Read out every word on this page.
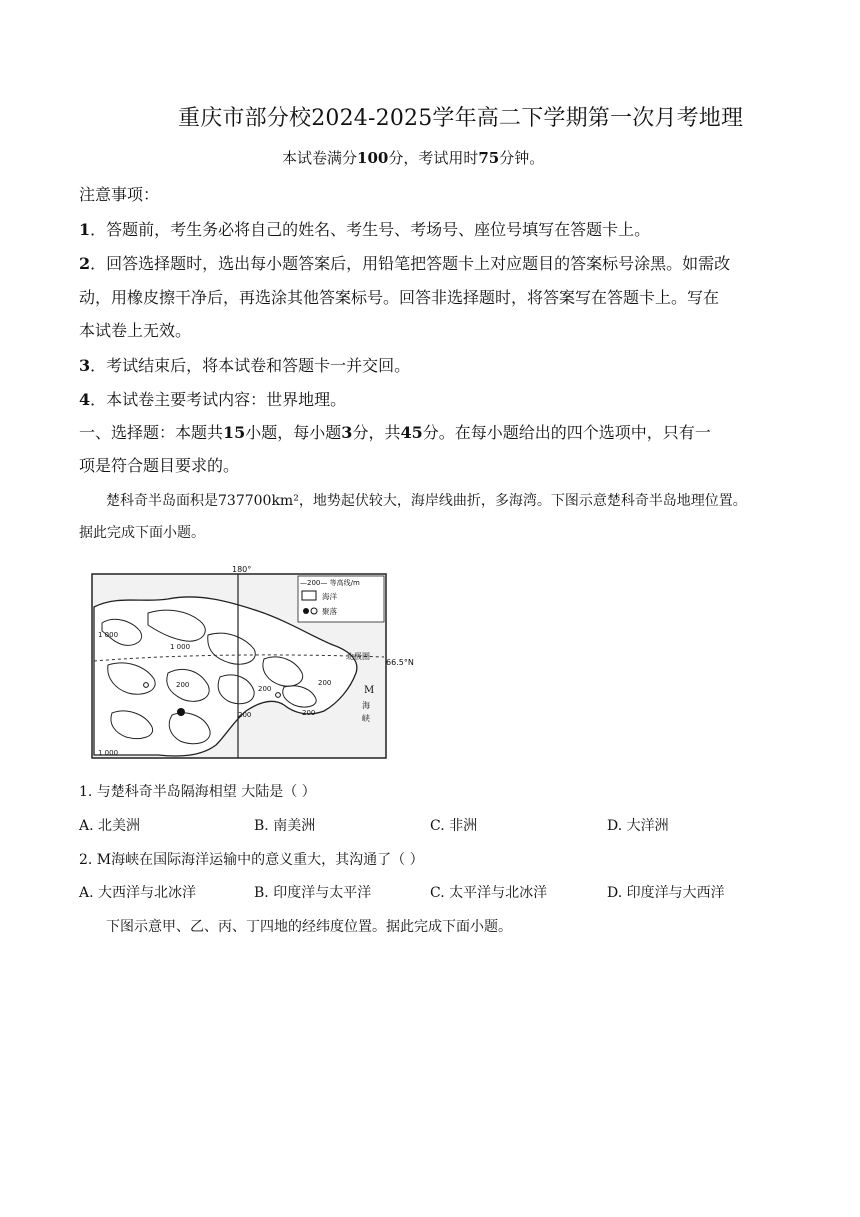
重庆市部分校2024-2025学年高二下学期第一次月考地理
本试卷满分100分，考试用时75分钟。
注意事项：
1．答题前，考生务必将自己的姓名、考生号、考场号、座位号填写在答题卡上。
2．回答选择题时，选出每小题答案后，用铅笔把答题卡上对应题目的答案标号涂黑。如需改
动，用橡皮擦干净后，再选涂其他答案标号。回答非选择题时，将答案写在答题卡上。写在
本试卷上无效。
3．考试结束后，将本试卷和答题卡一并交回。
4．本试卷主要考试内容：世界地理。
一、选择题：本题共15小题，每小题3分，共45分。在每小题给出的四个选项中，只有一
项是符合题目要求的。
楚科奇半岛面积是737700km²，地势起伏较大，海岸线曲折，多海湾。下图示意楚科奇半岛地理位置。
据此完成下面小题。
180°
—200— 等高线/m
海洋
聚落
北极圈
66.5°N
M
海
峡
1 000
1 000
200	200
200
200
1 000
200
1. 与楚科奇半岛隔海相望 大陆是（ ）
A. 北美洲	B. 南美洲	C. 非洲	D. 大洋洲
2. M海峡在国际海洋运输中的意义重大，其沟通了（ ）
A. 大西洋与北冰洋	B. 印度洋与太平洋	C. 太平洋与北冰洋	D. 印度洋与大西洋
下图示意甲、乙、丙、丁四地的经纬度位置。据此完成下面小题。
